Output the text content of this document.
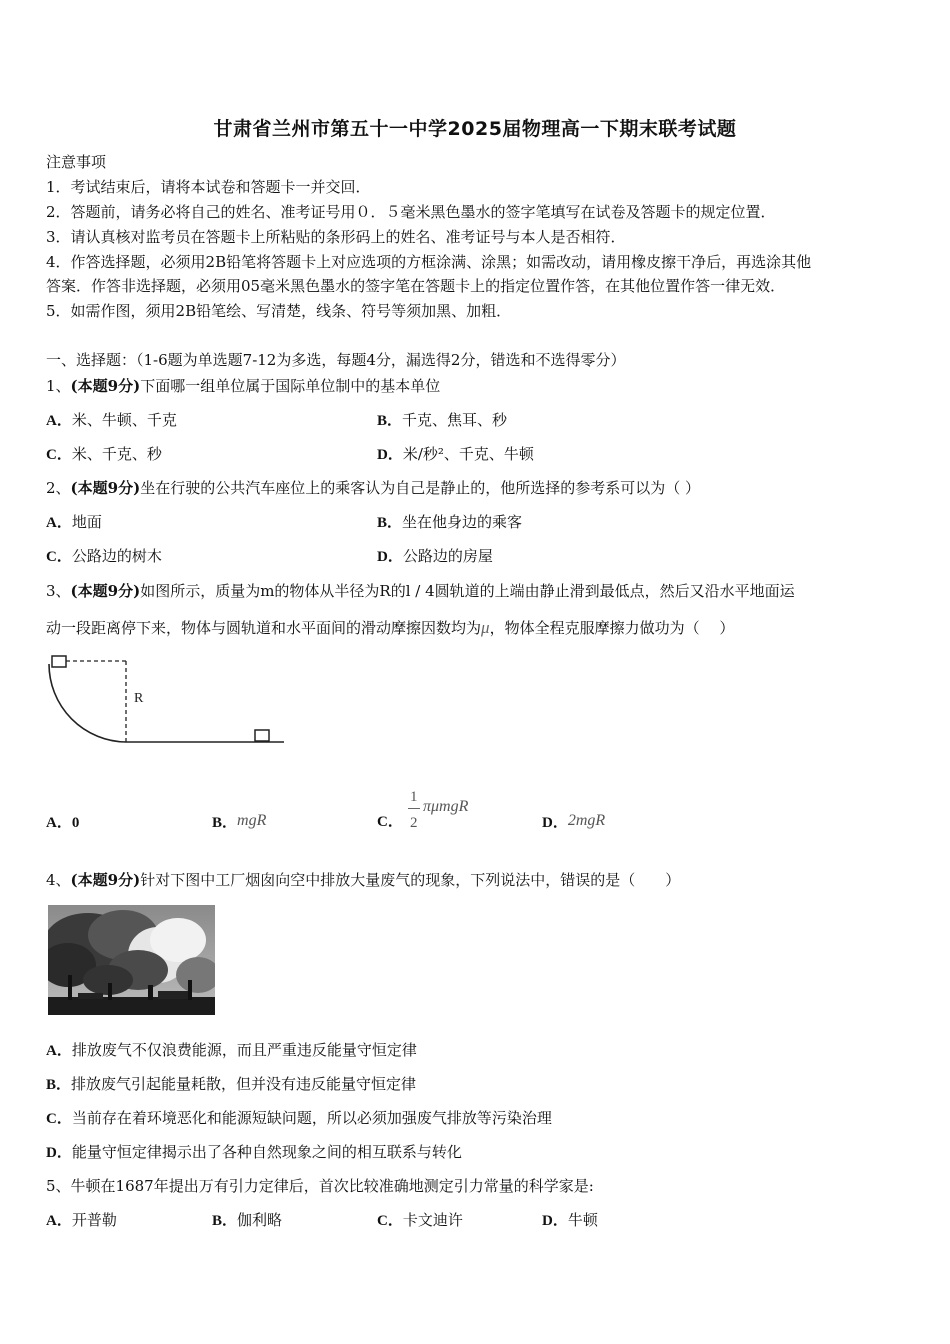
甘肃省兰州市第五十一中学2025届物理高一下期末联考试题
注意事项
1．考试结束后，请将本试卷和答题卡一并交回．
2．答题前，请务必将自己的姓名、准考证号用０．５毫米黑色墨水的签字笔填写在试卷及答题卡的规定位置．
3．请认真核对监考员在答题卡上所粘贴的条形码上的姓名、准考证号与本人是否相符．
4．作答选择题，必须用2B铅笔将答题卡上对应选项的方框涂满、涂黑；如需改动，请用橡皮擦干净后，再选涂其他
答案．作答非选择题，必须用05毫米黑色墨水的签字笔在答题卡上的指定位置作答，在其他位置作答一律无效．
5．如需作图，须用2B铅笔绘、写清楚，线条、符号等须加黑、加粗．
一、选择题：（1-6题为单选题7-12为多选，每题4分，漏选得2分，错选和不选得零分）
1、(本题9分)下面哪一组单位属于国际单位制中的基本单位
A．米、牛顿、千克	B．千克、焦耳、秒
C．米、千克、秒	D．米/秒²、千克、牛顿
2、(本题9分)坐在行驶的公共汽车座位上的乘客认为自己是静止的，他所选择的参考系可以为（ ）
A．地面	B．坐在他身边的乘客
C．公路边的树木	D．公路边的房屋
3、(本题9分)如图所示，质量为m的物体从半径为R的l / 4圆轨道的上端由静止滑到最低点，然后又沿水平地面运
动一段距离停下来，物体与圆轨道和水平面间的滑动摩擦因数均为μ，物体全程克服摩擦力做功为（　 ）
R
A．0	B．mgR	C．
1
2
πμmgR
D．2mgR
4、(本题9分)针对下图中工厂烟囱向空中排放大量废气的现象，下列说法中，错误的是（　　）
A．排放废气不仅浪费能源，而且严重违反能量守恒定律
B．排放废气引起能量耗散，但并没有违反能量守恒定律
C．当前存在着环境恶化和能源短缺问题，所以必须加强废气排放等污染治理
D．能量守恒定律揭示出了各种自然现象之间的相互联系与转化
5、牛顿在1687年提出万有引力定律后，首次比较准确地测定引力常量的科学家是:
A．开普勒	B．伽利略	C．卡文迪许	D．牛顿
